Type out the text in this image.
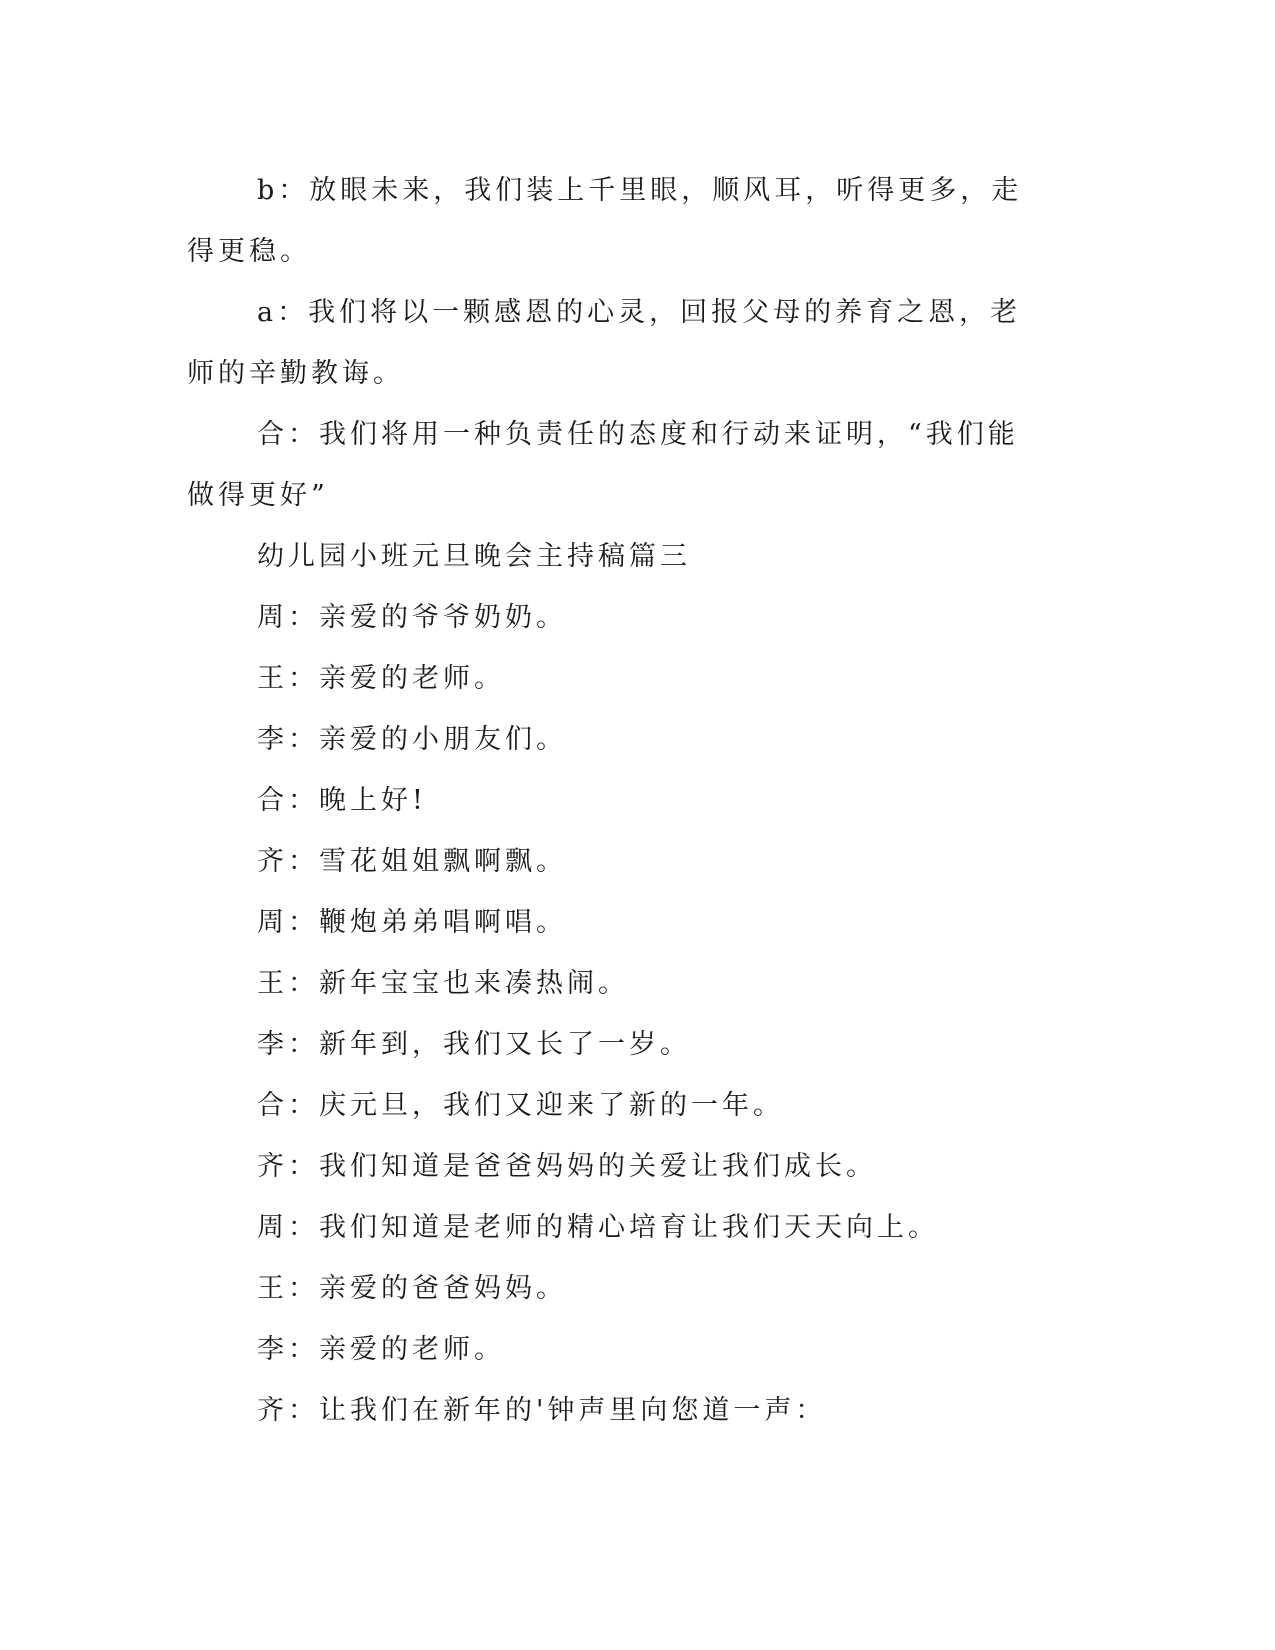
b：放眼未来，我们装上千里眼，顺风耳，听得更多，走得更稳。

a：我们将以一颗感恩的心灵，回报父母的养育之恩，老师的辛勤教诲。

合：我们将用一种负责任的态度和行动来证明，“我们能做得更好”

幼儿园小班元旦晚会主持稿篇三

周：亲爱的爷爷奶奶。

王：亲爱的老师。

李：亲爱的小朋友们。

合：晚上好!

齐：雪花姐姐飘啊飘。

周：鞭炮弟弟唱啊唱。

王：新年宝宝也来凑热闹。

李：新年到，我们又长了一岁。

合：庆元旦，我们又迎来了新的一年。

齐：我们知道是爸爸妈妈的关爱让我们成长。

周：我们知道是老师的精心培育让我们天天向上。

王：亲爱的爸爸妈妈。

李：亲爱的老师。

齐：让我们在新年的'钟声里向您道一声：
